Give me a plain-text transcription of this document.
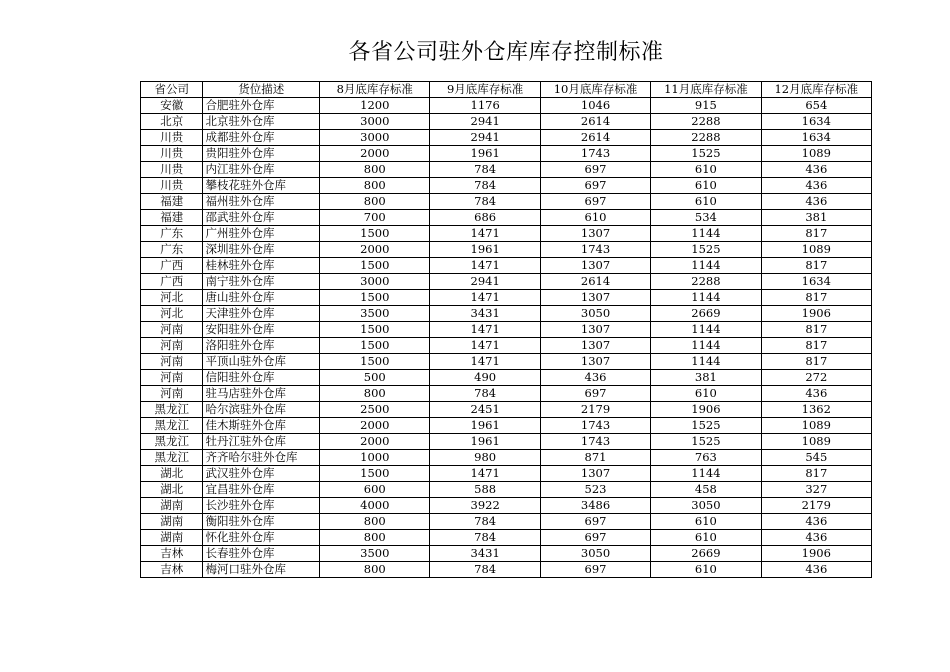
各省公司驻外仓库库存控制标准
省公司	货位描述	8月底库存标准	9月底库存标准	10月底库存标准	11月底库存标准	12月底库存标准
安徽	合肥驻外仓库	1200	1176	1046	915	654
北京	北京驻外仓库	3000	2941	2614	2288	1634
川贵	成都驻外仓库	3000	2941	2614	2288	1634
川贵	贵阳驻外仓库	2000	1961	1743	1525	1089
川贵	内江驻外仓库	800	784	697	610	436
川贵	攀枝花驻外仓库	800	784	697	610	436
福建	福州驻外仓库	800	784	697	610	436
福建	邵武驻外仓库	700	686	610	534	381
广东	广州驻外仓库	1500	1471	1307	1144	817
广东	深圳驻外仓库	2000	1961	1743	1525	1089
广西	桂林驻外仓库	1500	1471	1307	1144	817
广西	南宁驻外仓库	3000	2941	2614	2288	1634
河北	唐山驻外仓库	1500	1471	1307	1144	817
河北	天津驻外仓库	3500	3431	3050	2669	1906
河南	安阳驻外仓库	1500	1471	1307	1144	817
河南	洛阳驻外仓库	1500	1471	1307	1144	817
河南	平顶山驻外仓库	1500	1471	1307	1144	817
河南	信阳驻外仓库	500	490	436	381	272
河南	驻马店驻外仓库	800	784	697	610	436
黑龙江	哈尔滨驻外仓库	2500	2451	2179	1906	1362
黑龙江	佳木斯驻外仓库	2000	1961	1743	1525	1089
黑龙江	牡丹江驻外仓库	2000	1961	1743	1525	1089
黑龙江	齐齐哈尔驻外仓库	1000	980	871	763	545
湖北	武汉驻外仓库	1500	1471	1307	1144	817
湖北	宜昌驻外仓库	600	588	523	458	327
湖南	长沙驻外仓库	4000	3922	3486	3050	2179
湖南	衡阳驻外仓库	800	784	697	610	436
湖南	怀化驻外仓库	800	784	697	610	436
吉林	长春驻外仓库	3500	3431	3050	2669	1906
吉林	梅河口驻外仓库	800	784	697	610	436
